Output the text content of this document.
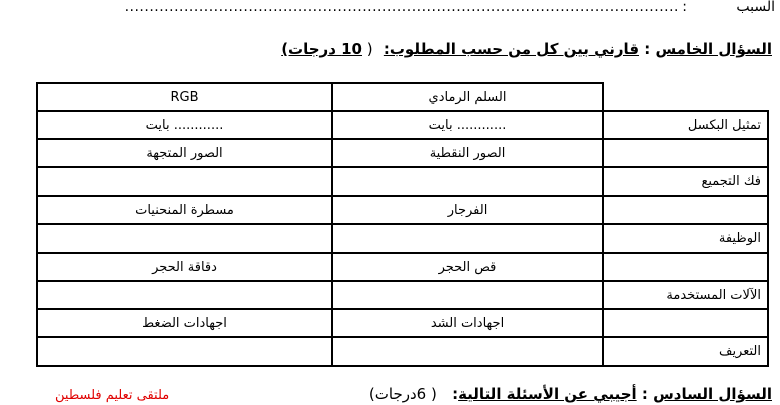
السبب
:
................................................................................................................
السؤال الخامس : قارني بين كل من حسب المطلوب: (
10 درجات)
السلم الرمادي
RGB
تمثيل البكسل
............ بايت
............ بايت
الصور النقطية
الصور المتجهة
فك التجميع
الفرجار
مسطرة المنحنيات
الوظيفة
قص الحجر
دقاقة الحجر
الآلات المستخدمة
اجهادات الشد
اجهادات الضغط
التعريف
السؤال السادس : أجيبي عن الأسئلة التالية: ( 6درجات)
ملتقى تعليم فلسطين
